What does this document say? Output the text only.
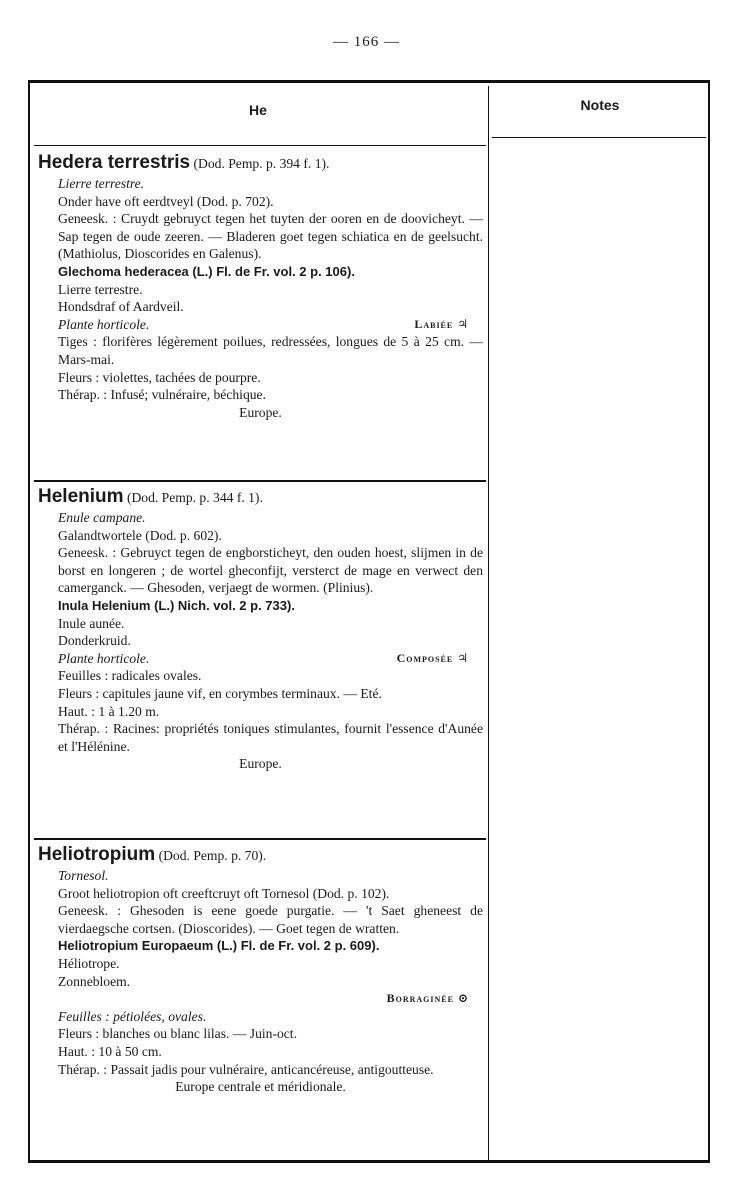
— 166 —
He	Notes

Hedera terrestris (Dod. Pemp. p. 394 f. 1).

Lierre terrestre.

Onder have oft eerdtveyl (Dod. p. 702).

Geneesk. : Cruydt gebruyct tegen het tuyten der ooren en de doovicheyt. — Sap tegen de oude zeeren. — Bladeren goet tegen schiatica en de geelsucht. (Mathiolus, Dioscorides en Galenus).

Glechoma hederacea (L.) Fl. de Fr. vol. 2 p. 106).

Lierre terrestre.

Hondsdraf of Aardveil.

Labiée ♃
Plante horticole.

Tiges : florifères légèrement poilues, redressées, longues de 5 à 25 cm. — Mars-mai.

Fleurs : violettes, tachées de pourpre.

Thérap. : Infusé; vulnéraire, béchique.

Europe.

Helenium (Dod. Pemp. p. 344 f. 1).

Enule campane.

Galandtwortele (Dod. p. 602).

Geneesk. : Gebruyct tegen de engborsticheyt, den ouden hoest, slijmen in de borst en longeren ; de wortel gheconfijt, versterct de mage en verwect den camerganck. — Ghesoden, verjaegt de wormen. (Plinius).

Inula Helenium (L.) Nich. vol. 2 p. 733).

Inule aunée.

Donderkruid.

Composée ♃
Plante horticole.

Feuilles : radicales ovales.

Fleurs : capitules jaune vif, en corymbes terminaux. — Eté.

Haut. : 1 à 1.20 m.

Thérap. : Racines: propriétés toniques stimulantes, fournit l'essence d'Aunée et l'Hélénine.

Europe.

Heliotropium (Dod. Pemp. p. 70).

Tornesol.

Groot heliotropion oft creeftcruyt oft Tornesol (Dod. p. 102).

Geneesk. : Ghesoden is eene goede purgatie. — 't Saet gheneest de vierdaegsche cortsen. (Dioscorides). — Goet tegen de wratten.

Heliotropium Europaeum (L.) Fl. de Fr. vol. 2 p. 609).

Héliotrope.

Zonnebloem.

Borraginée ⊙

Feuilles : pétiolées, ovales.

Fleurs : blanches ou blanc lilas. — Juin-oct.

Haut. : 10 à 50 cm.

Thérap. : Passait jadis pour vulnéraire, anticancéreuse, antigoutteuse.

Europe centrale et méridionale.
